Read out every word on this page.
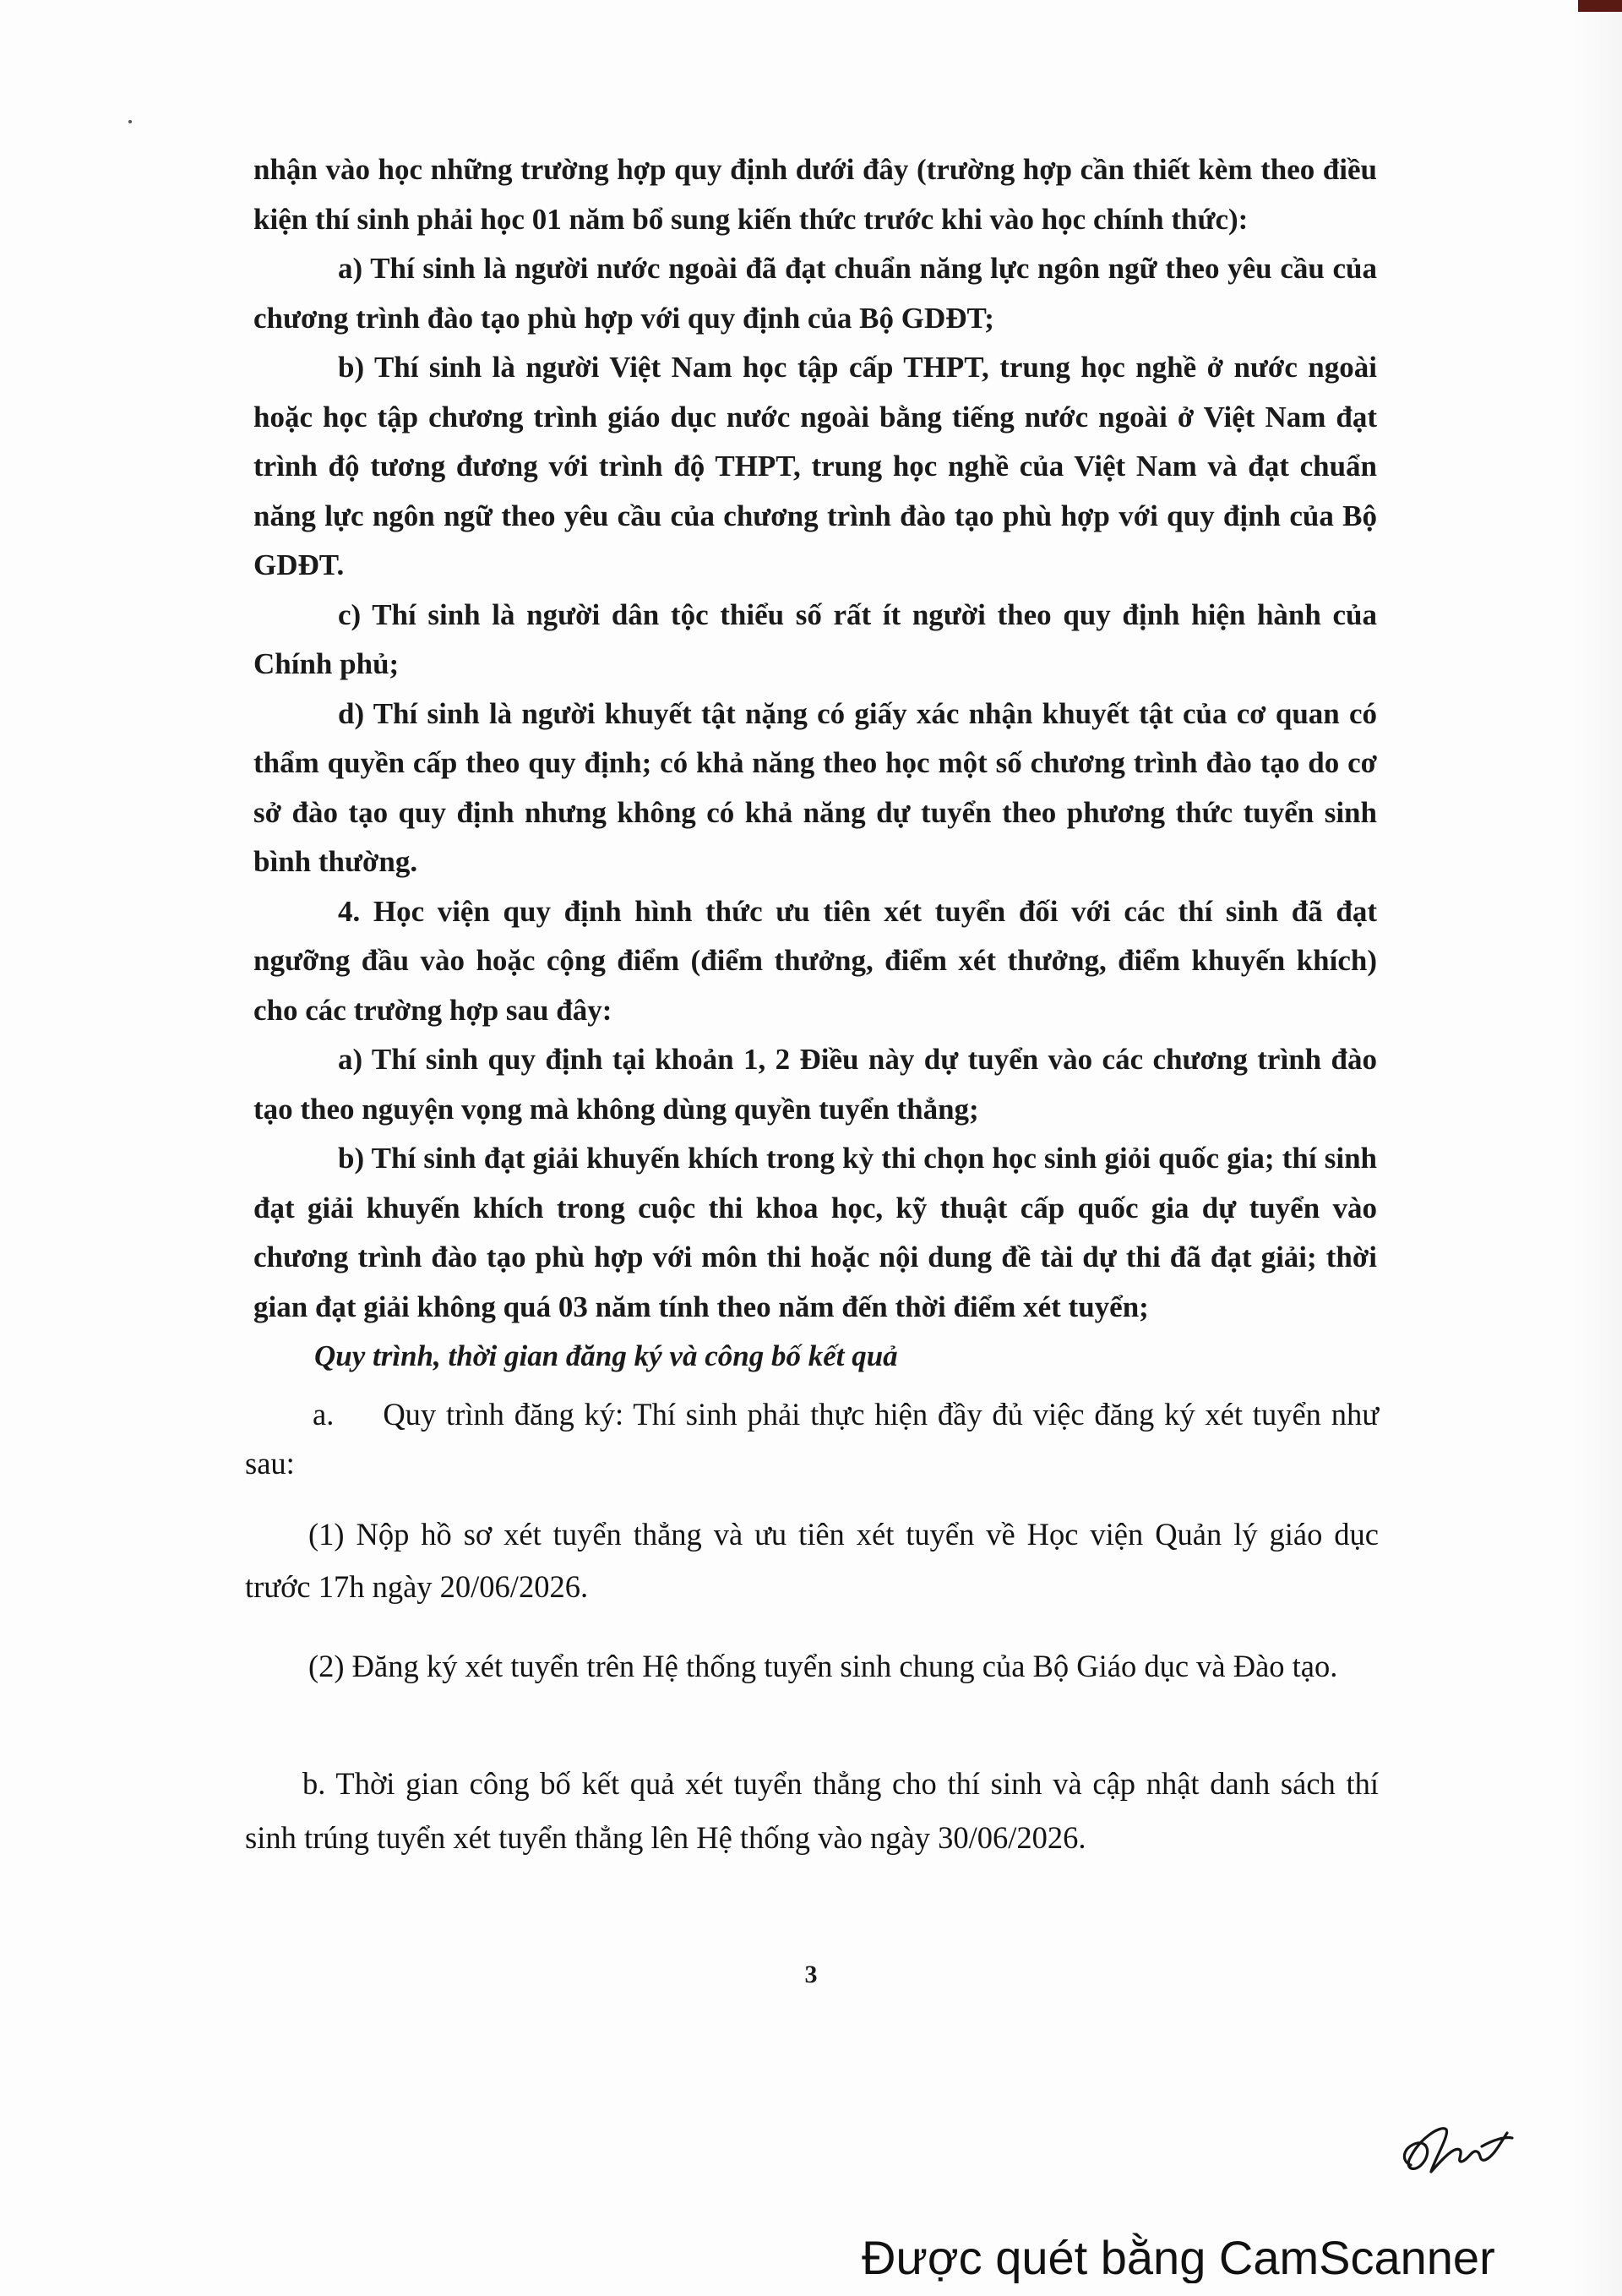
nhận vào học những trường hợp quy định dưới đây (trường hợp cần thiết kèm theo điều kiện thí sinh phải học 01 năm bổ sung kiến thức trước khi vào học chính thức):

a) Thí sinh là người nước ngoài đã đạt chuẩn năng lực ngôn ngữ theo yêu cầu của chương trình đào tạo phù hợp với quy định của Bộ GDĐT;

b) Thí sinh là người Việt Nam học tập cấp THPT, trung học nghề ở nước ngoài hoặc học tập chương trình giáo dục nước ngoài bằng tiếng nước ngoài ở Việt Nam đạt trình độ tương đương với trình độ THPT, trung học nghề của Việt Nam và đạt chuẩn năng lực ngôn ngữ theo yêu cầu của chương trình đào tạo phù hợp với quy định của Bộ GDĐT.

c) Thí sinh là người dân tộc thiểu số rất ít người theo quy định hiện hành của Chính phủ;

d) Thí sinh là người khuyết tật nặng có giấy xác nhận khuyết tật của cơ quan có thẩm quyền cấp theo quy định; có khả năng theo học một số chương trình đào tạo do cơ sở đào tạo quy định nhưng không có khả năng dự tuyển theo phương thức tuyển sinh bình thường.

4. Học viện quy định hình thức ưu tiên xét tuyển đối với các thí sinh đã đạt ngưỡng đầu vào hoặc cộng điểm (điểm thưởng, điểm xét thưởng, điểm khuyến khích) cho các trường hợp sau đây:

a) Thí sinh quy định tại khoản 1, 2 Điều này dự tuyển vào các chương trình đào tạo theo nguyện vọng mà không dùng quyền tuyển thẳng;

b) Thí sinh đạt giải khuyến khích trong kỳ thi chọn học sinh giỏi quốc gia; thí sinh đạt giải khuyến khích trong cuộc thi khoa học, kỹ thuật cấp quốc gia dự tuyển vào chương trình đào tạo phù hợp với môn thi hoặc nội dung đề tài dự thi đã đạt giải; thời gian đạt giải không quá 03 năm tính theo năm đến thời điểm xét tuyển;

Quy trình, thời gian đăng ký và công bố kết quả

a. Quy trình đăng ký: Thí sinh phải thực hiện đầy đủ việc đăng ký xét tuyển như sau:

(1) Nộp hồ sơ xét tuyển thẳng và ưu tiên xét tuyển về Học viện Quản lý giáo dục trước 17h ngày 20/06/2026.

(2) Đăng ký xét tuyển trên Hệ thống tuyển sinh chung của Bộ Giáo dục và Đào tạo.

b. Thời gian công bố kết quả xét tuyển thẳng cho thí sinh và cập nhật danh sách thí sinh trúng tuyển xét tuyển thẳng lên Hệ thống vào ngày 30/06/2026.

3
Được quét bằng CamScanner
